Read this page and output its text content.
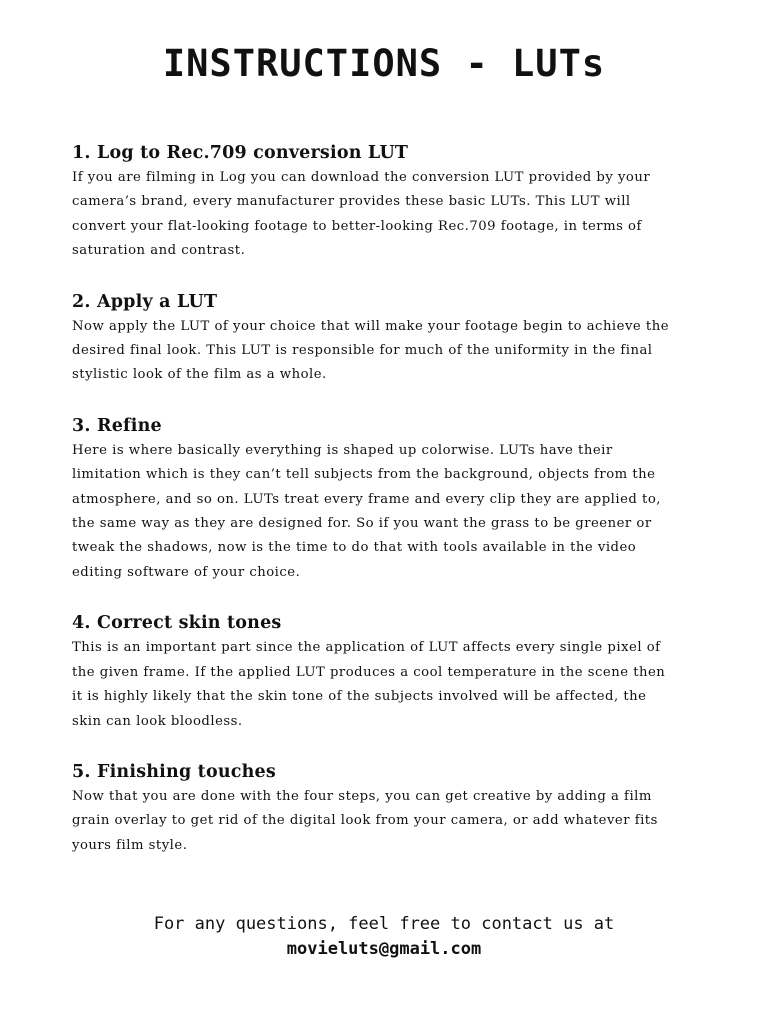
INSTRUCTIONS - LUTs
1. Log to Rec.709 conversion LUT

If you are filming in Log you can download the conversion LUT provided by your
camera’s brand, every manufacturer provides these basic LUTs. This LUT will
convert your flat-looking footage to better-looking Rec.709 footage, in terms of
saturation and contrast.

2. Apply a LUT

Now apply the LUT of your choice that will make your footage begin to achieve the
desired final look. This LUT is responsible for much of the uniformity in the final
stylistic look of the film as a whole.

3. Refine

Here is where basically everything is shaped up colorwise. LUTs have their
limitation which is they can’t tell subjects from the background, objects from the
atmosphere, and so on. LUTs treat every frame and every clip they are applied to,
the same way as they are designed for. So if you want the grass to be greener or
tweak the shadows, now is the time to do that with tools available in the video
editing software of your choice.

4. Correct skin tones

This is an important part since the application of LUT affects every single pixel of
the given frame. If the applied LUT produces a cool temperature in the scene then
it is highly likely that the skin tone of the subjects involved will be affected, the
skin can look bloodless.

5. Finishing touches

Now that you are done with the four steps, you can get creative by adding a film
grain overlay to get rid of the digital look from your camera, or add whatever fits
yours film style.

For any questions, feel free to contact us at
movieluts@gmail.com
